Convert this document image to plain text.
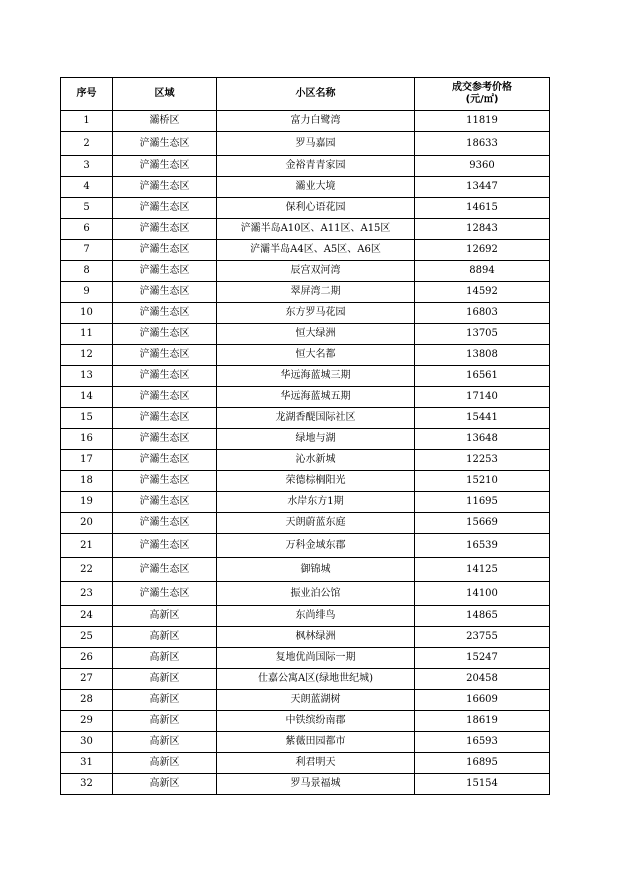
序号	区域	小区名称	成交参考价格
(元/㎡)

1	灞桥区	富力白鹭湾	11819
2	浐灞生态区	罗马嘉园	18633
3	浐灞生态区	金裕青青家园	9360
4	浐灞生态区	灞业大境	13447
5	浐灞生态区	保利心语花园	14615
6	浐灞生态区	浐灞半岛A10区、A11区、A15区	12843
7	浐灞生态区	浐灞半岛A4区、A5区、A6区	12692
8	浐灞生态区	辰宫双河湾	8894
9	浐灞生态区	翠屏湾二期	14592
10	浐灞生态区	东方罗马花园	16803
11	浐灞生态区	恒大绿洲	13705
12	浐灞生态区	恒大名都	13808
13	浐灞生态区	华远海蓝城三期	16561
14	浐灞生态区	华远海蓝城五期	17140
15	浐灞生态区	龙湖香醍国际社区	15441
16	浐灞生态区	绿地与湖	13648
17	浐灞生态区	沁水新城	12253
18	浐灞生态区	荣德棕榈阳光	15210
19	浐灞生态区	水岸东方1期	11695
20	浐灞生态区	天朗蔚蓝东庭	15669
21	浐灞生态区	万科金域东郡	16539
22	浐灞生态区	御锦城	14125
23	浐灞生态区	振业泊公馆	14100
24	高新区	东尚绯鸟	14865
25	高新区	枫林绿洲	23755
26	高新区	复地优尚国际一期	15247
27	高新区	仕嘉公寓A区(绿地世纪城)	20458
28	高新区	天朗蓝湖树	16609
29	高新区	中铁缤纷南郡	18619
30	高新区	紫薇田园都市	16593
31	高新区	利君明天	16895
32	高新区	罗马景福城	15154
